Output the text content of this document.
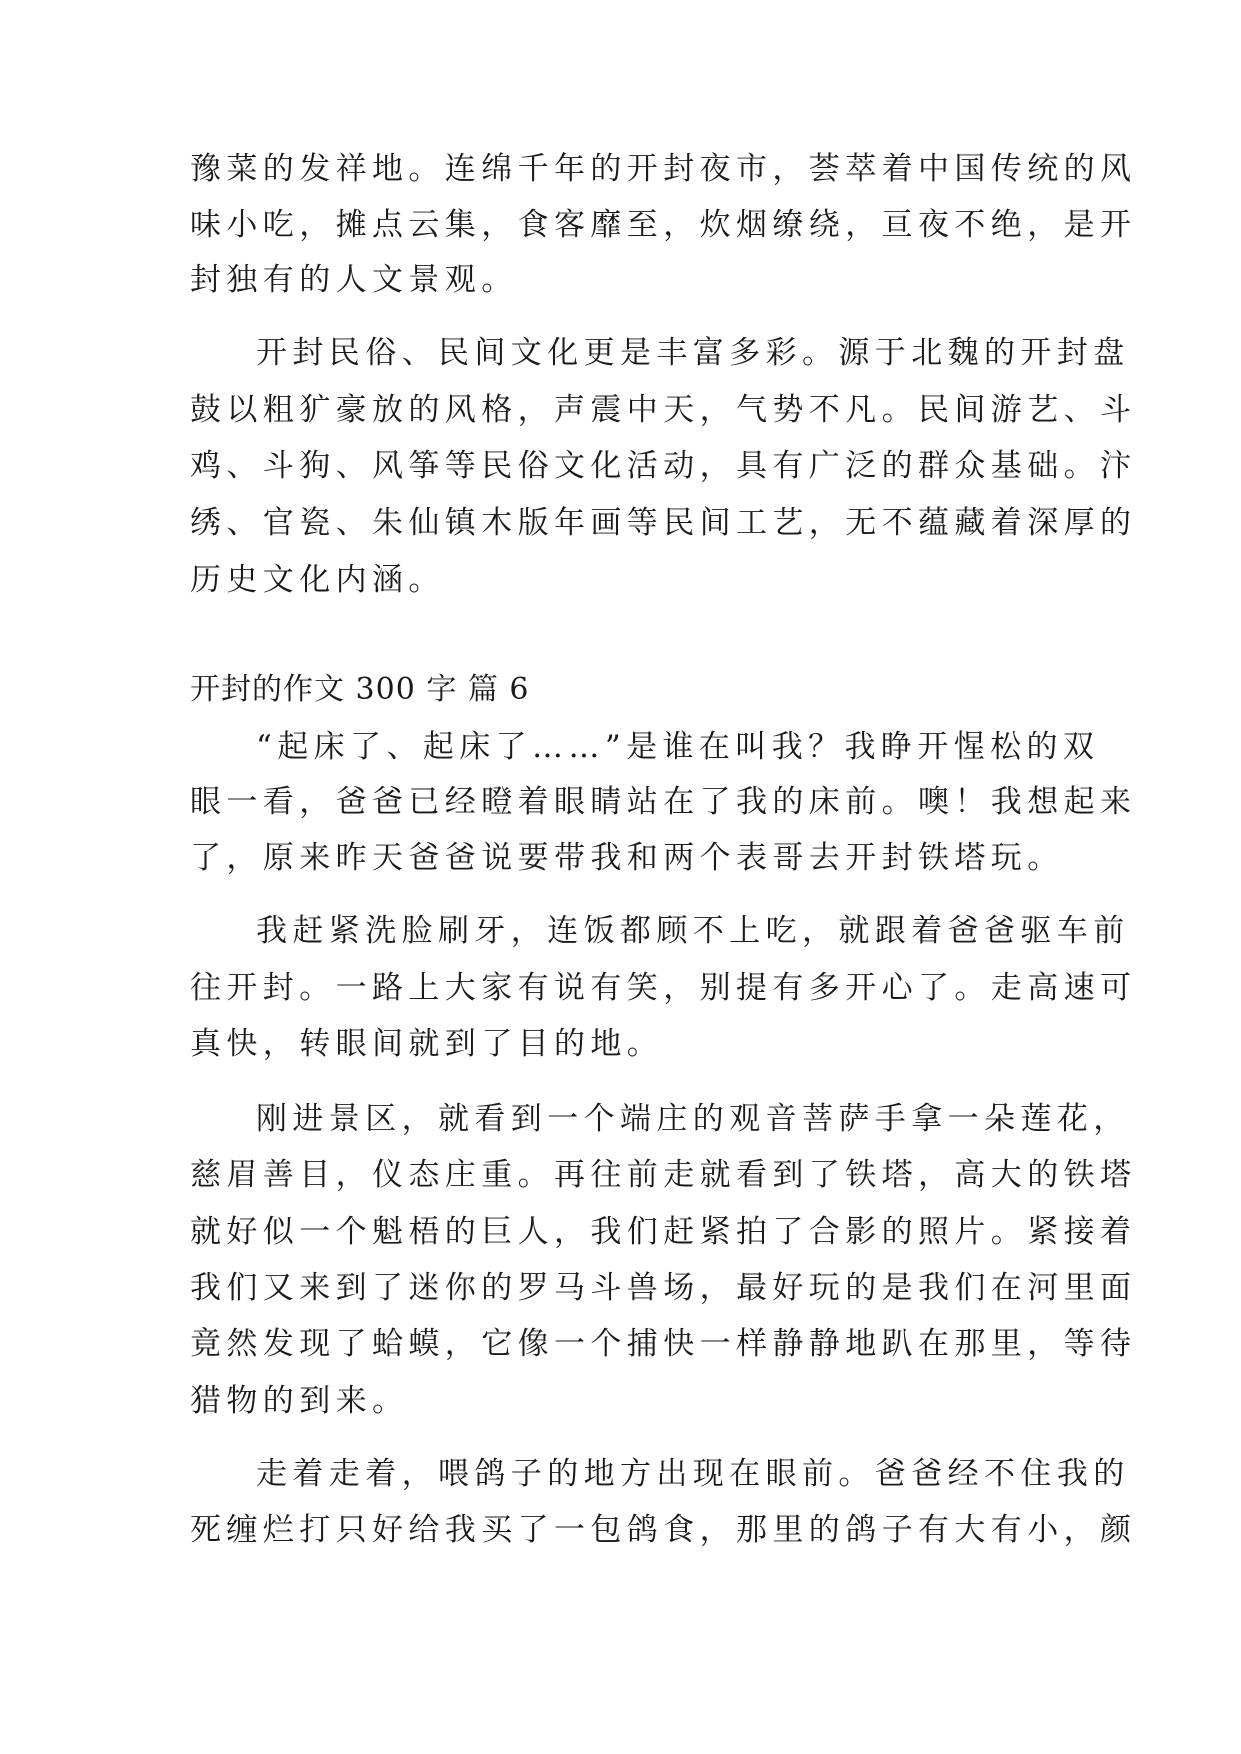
豫菜的发祥地。连绵千年的开封夜市，荟萃着中国传统的风
味小吃，摊点云集，食客靡至，炊烟缭绕，亘夜不绝，是开
封独有的人文景观。
开封民俗、民间文化更是丰富多彩。源于北魏的开封盘
鼓以粗犷豪放的风格，声震中天，气势不凡。民间游艺、斗
鸡、斗狗、风筝等民俗文化活动，具有广泛的群众基础。汴
绣、官瓷、朱仙镇木版年画等民间工艺，无不蕴藏着深厚的
历史文化内涵。
开封的作文 300 字 篇 6
“起床了、起床了……”是谁在叫我？我睁开惺松的双
眼一看，爸爸已经瞪着眼睛站在了我的床前。噢！我想起来
了，原来昨天爸爸说要带我和两个表哥去开封铁塔玩。
我赶紧洗脸刷牙，连饭都顾不上吃，就跟着爸爸驱车前
往开封。一路上大家有说有笑，别提有多开心了。走高速可
真快，转眼间就到了目的地。
刚进景区，就看到一个端庄的观音菩萨手拿一朵莲花，
慈眉善目，仪态庄重。再往前走就看到了铁塔，高大的铁塔
就好似一个魁梧的巨人，我们赶紧拍了合影的照片。紧接着
我们又来到了迷你的罗马斗兽场，最好玩的是我们在河里面
竟然发现了蛤蟆，它像一个捕快一样静静地趴在那里，等待
猎物的到来。
走着走着，喂鸽子的地方出现在眼前。爸爸经不住我的
死缠烂打只好给我买了一包鸽食，那里的鸽子有大有小，颜
